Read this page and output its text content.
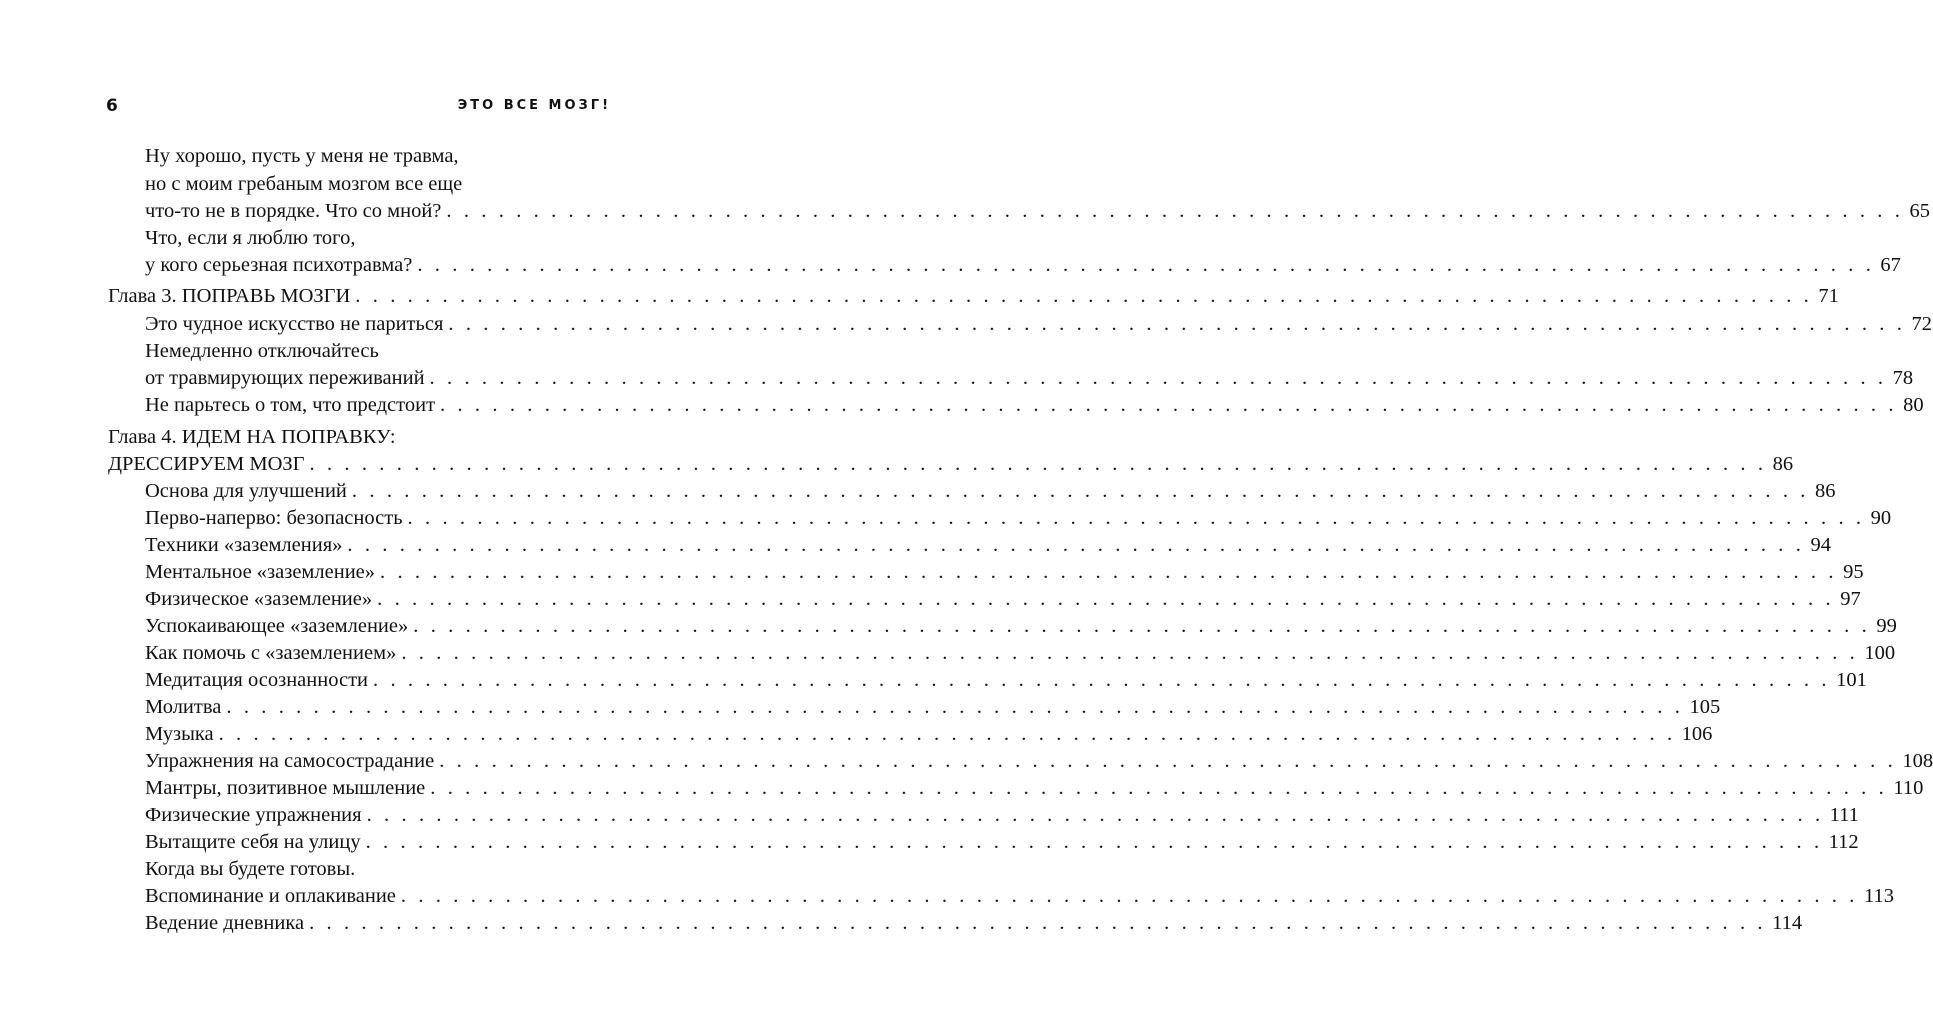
6	ЭТО ВСЕ МОЗГ!
Ну хорошо, пусть у меня не травма,
но с моим гребаным мозгом все еще
что-то не в порядке. Что со мной? . . . . . . . . . . . . . . . . . . . . . . . . . . . . . . . . . . . . . . . . . . . . . . . . . . . . . . . . . . . . . . . . . . . . . . . . . . . . . . . . . . . . 65
Что, если я люблю того,
у кого серьезная психотравма? . . . . . . . . . . . . . . . . . . . . . . . . . . . . . . . . . . . . . . . . . . . . . . . . . . . . . . . . . . . . . . . . . . . . . . . . . . . . . . . . . . . . 67
Глава 3. ПОПРАВЬ МОЗГИ . . . . . . . . . . . . . . . . . . . . . . . . . . . . . . . . . . . . . . . . . . . . . . . . . . . . . . . . . . . . . . . . . . . . . . . . . . . . . . . . . . . . 71
Это чудное искусство не париться . . . . . . . . . . . . . . . . . . . . . . . . . . . . . . . . . . . . . . . . . . . . . . . . . . . . . . . . . . . . . . . . . . . . . . . . . . . . . . . . . . . . 72
Немедленно отключайтесь
от травмирующих переживаний . . . . . . . . . . . . . . . . . . . . . . . . . . . . . . . . . . . . . . . . . . . . . . . . . . . . . . . . . . . . . . . . . . . . . . . . . . . . . . . . . . . . 78
Не парьтесь о том, что предстоит . . . . . . . . . . . . . . . . . . . . . . . . . . . . . . . . . . . . . . . . . . . . . . . . . . . . . . . . . . . . . . . . . . . . . . . . . . . . . . . . . . . . 80
Глава 4. ИДЕМ НА ПОПРАВКУ:
ДРЕССИРУЕМ МОЗГ . . . . . . . . . . . . . . . . . . . . . . . . . . . . . . . . . . . . . . . . . . . . . . . . . . . . . . . . . . . . . . . . . . . . . . . . . . . . . . . . . . . . 86
Основа для улучшений . . . . . . . . . . . . . . . . . . . . . . . . . . . . . . . . . . . . . . . . . . . . . . . . . . . . . . . . . . . . . . . . . . . . . . . . . . . . . . . . . . . . 86
Перво-наперво: безопасность . . . . . . . . . . . . . . . . . . . . . . . . . . . . . . . . . . . . . . . . . . . . . . . . . . . . . . . . . . . . . . . . . . . . . . . . . . . . . . . . . . . . 90
Техники «заземления» . . . . . . . . . . . . . . . . . . . . . . . . . . . . . . . . . . . . . . . . . . . . . . . . . . . . . . . . . . . . . . . . . . . . . . . . . . . . . . . . . . . . 94
Ментальное «заземление» . . . . . . . . . . . . . . . . . . . . . . . . . . . . . . . . . . . . . . . . . . . . . . . . . . . . . . . . . . . . . . . . . . . . . . . . . . . . . . . . . . . . 95
Физическое «заземление» . . . . . . . . . . . . . . . . . . . . . . . . . . . . . . . . . . . . . . . . . . . . . . . . . . . . . . . . . . . . . . . . . . . . . . . . . . . . . . . . . . . . 97
Успокаивающее «заземление» . . . . . . . . . . . . . . . . . . . . . . . . . . . . . . . . . . . . . . . . . . . . . . . . . . . . . . . . . . . . . . . . . . . . . . . . . . . . . . . . . . . . 99
Как помочь с «заземлением» . . . . . . . . . . . . . . . . . . . . . . . . . . . . . . . . . . . . . . . . . . . . . . . . . . . . . . . . . . . . . . . . . . . . . . . . . . . . . . . . . . . . 100
Медитация осознанности . . . . . . . . . . . . . . . . . . . . . . . . . . . . . . . . . . . . . . . . . . . . . . . . . . . . . . . . . . . . . . . . . . . . . . . . . . . . . . . . . . . . 101
Молитва . . . . . . . . . . . . . . . . . . . . . . . . . . . . . . . . . . . . . . . . . . . . . . . . . . . . . . . . . . . . . . . . . . . . . . . . . . . . . . . . . . . . 105
Музыка . . . . . . . . . . . . . . . . . . . . . . . . . . . . . . . . . . . . . . . . . . . . . . . . . . . . . . . . . . . . . . . . . . . . . . . . . . . . . . . . . . . . 106
Упражнения на самосострадание . . . . . . . . . . . . . . . . . . . . . . . . . . . . . . . . . . . . . . . . . . . . . . . . . . . . . . . . . . . . . . . . . . . . . . . . . . . . . . . . . . . . 108
Мантры, позитивное мышление . . . . . . . . . . . . . . . . . . . . . . . . . . . . . . . . . . . . . . . . . . . . . . . . . . . . . . . . . . . . . . . . . . . . . . . . . . . . . . . . . . . . 110
Физические упражнения . . . . . . . . . . . . . . . . . . . . . . . . . . . . . . . . . . . . . . . . . . . . . . . . . . . . . . . . . . . . . . . . . . . . . . . . . . . . . . . . . . . . 111
Вытащите себя на улицу . . . . . . . . . . . . . . . . . . . . . . . . . . . . . . . . . . . . . . . . . . . . . . . . . . . . . . . . . . . . . . . . . . . . . . . . . . . . . . . . . . . . 112
Когда вы будете готовы.
Вспоминание и оплакивание . . . . . . . . . . . . . . . . . . . . . . . . . . . . . . . . . . . . . . . . . . . . . . . . . . . . . . . . . . . . . . . . . . . . . . . . . . . . . . . . . . . . 113
Ведение дневника . . . . . . . . . . . . . . . . . . . . . . . . . . . . . . . . . . . . . . . . . . . . . . . . . . . . . . . . . . . . . . . . . . . . . . . . . . . . . . . . . . . . 114
